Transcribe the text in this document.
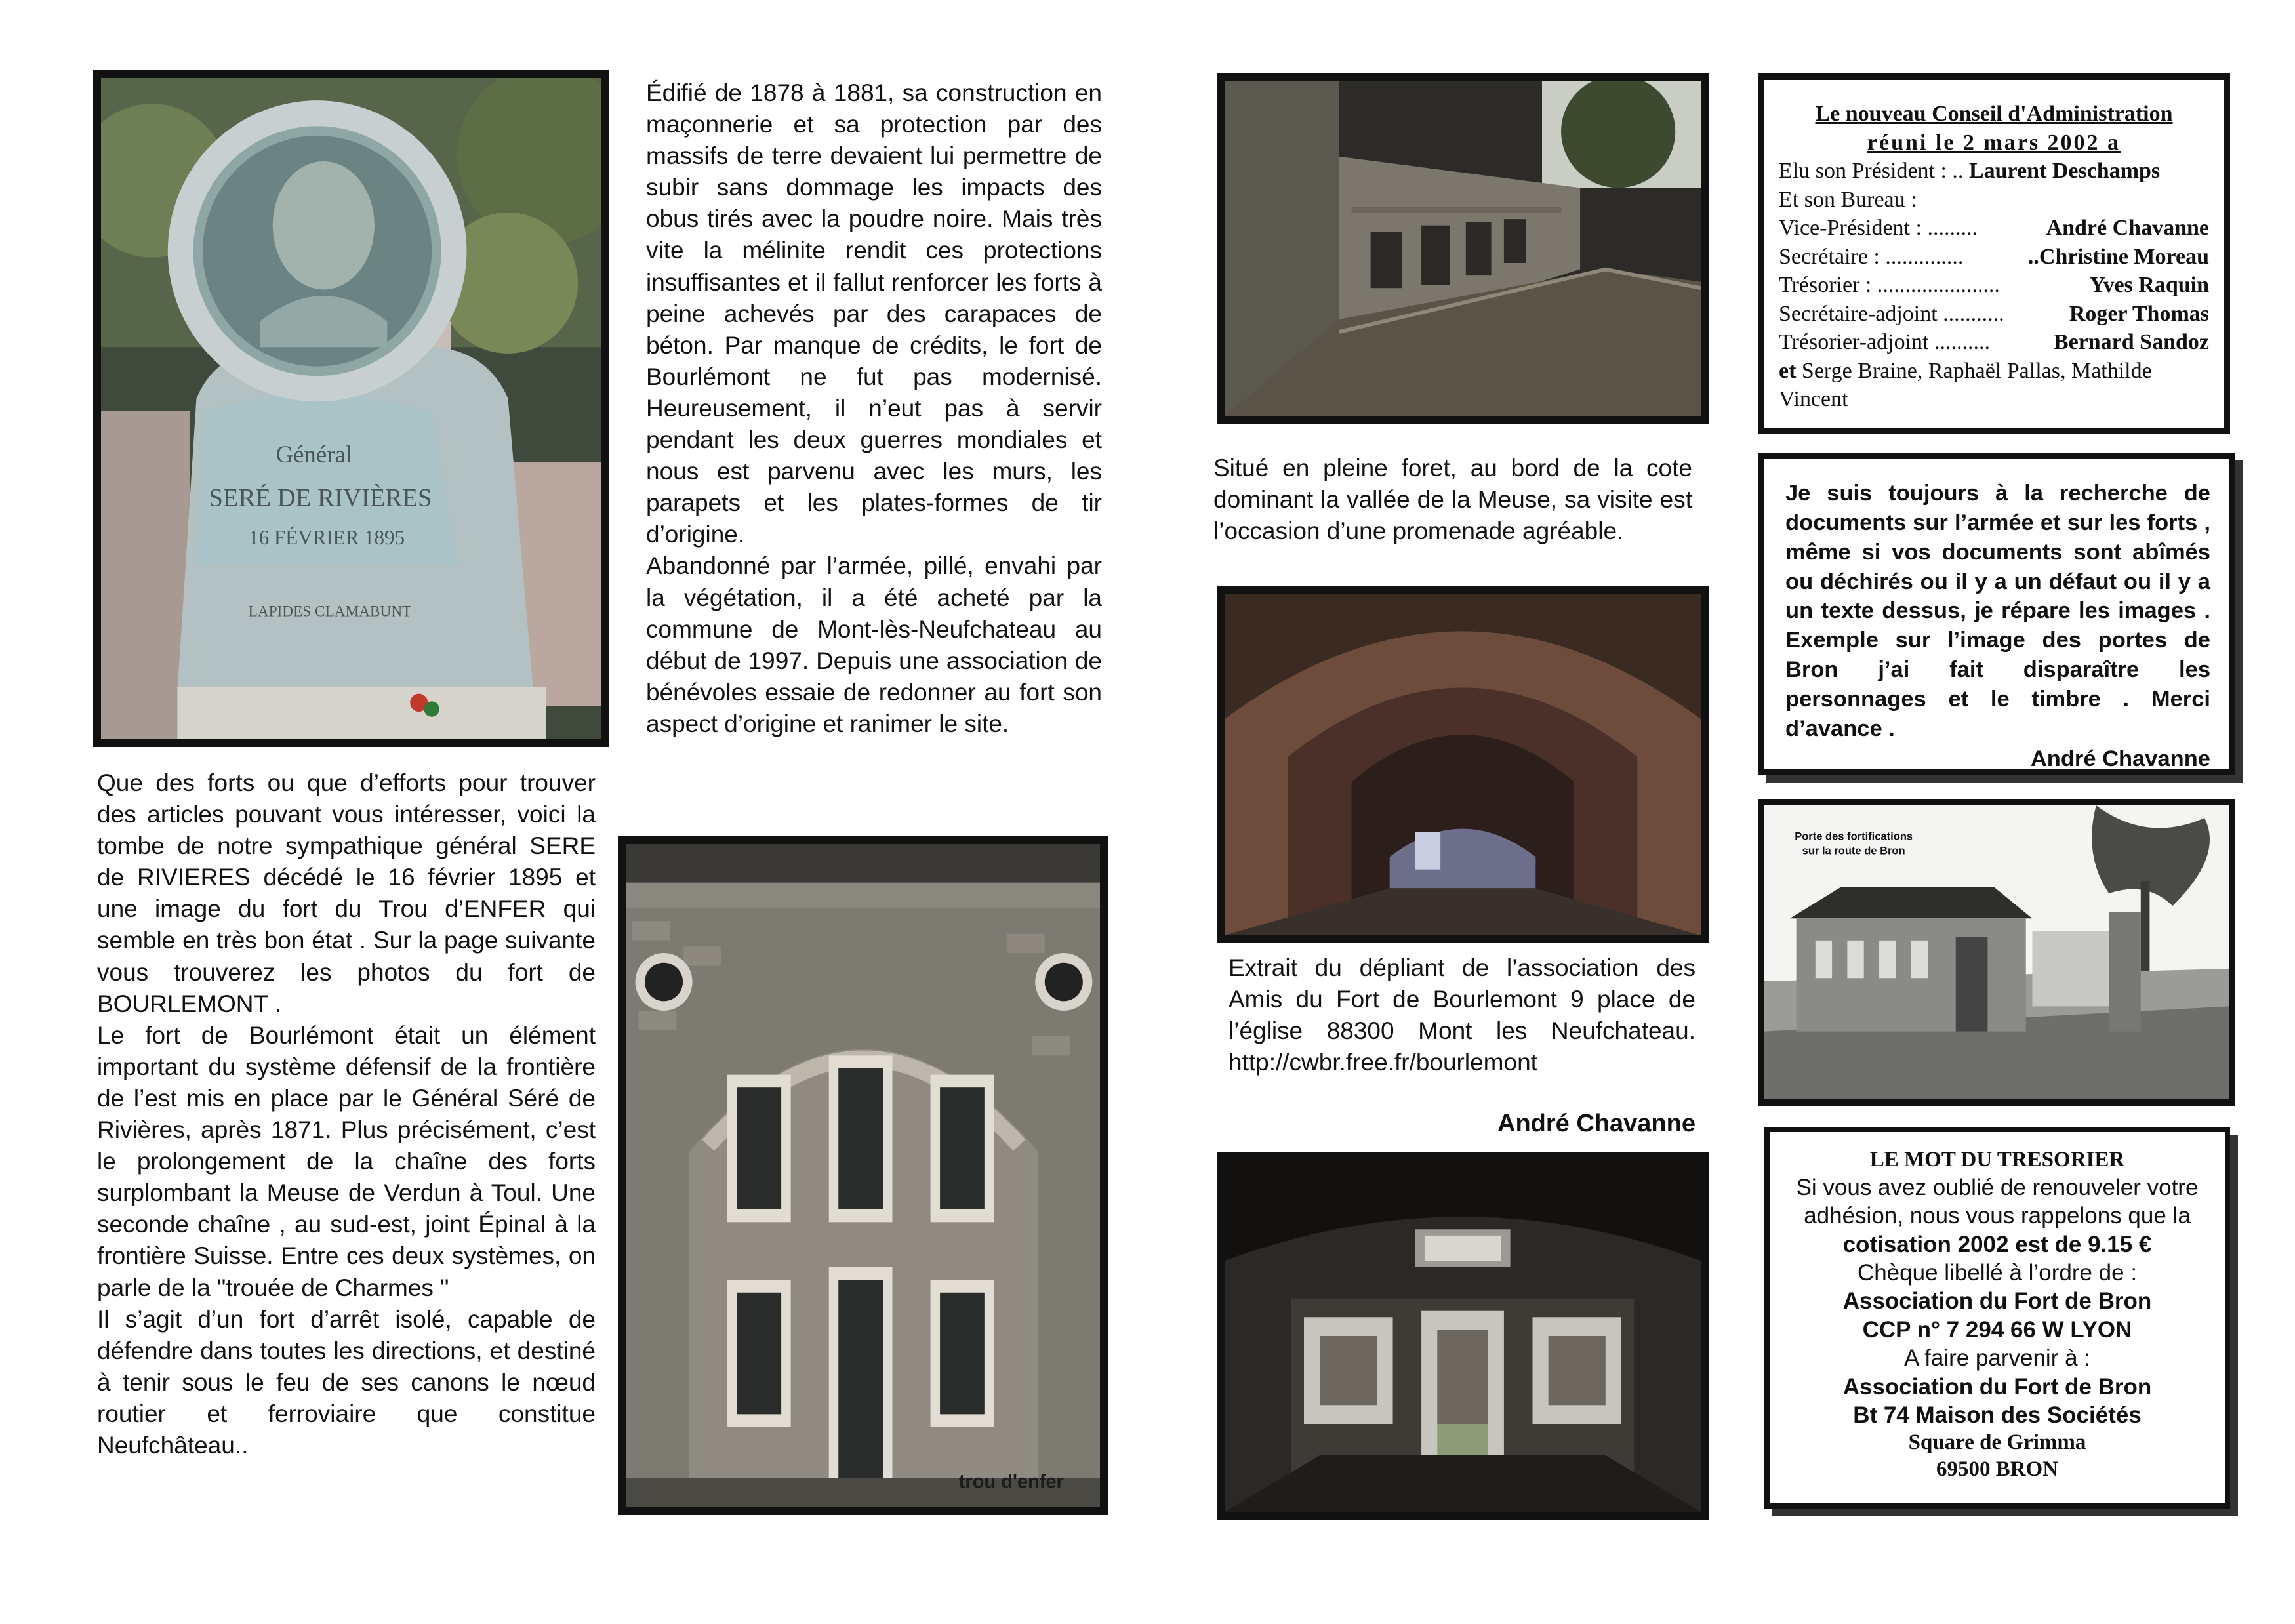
Général
SERÉ DE RIVIÈRES
16 FÉVRIER 1895
LAPIDES CLAMABUNT

Que des forts ou que d’efforts pour trouver des articles pouvant vous intéresser, voici la tombe de notre sympathique général SERE de RIVIERES décédé le 16 février 1895 et une image du fort du Trou d’ENFER qui semble en très bon état . Sur la page suivante vous trouverez les photos du fort de BOURLEMONT .

Le fort de Bourlémont était un élément important du système défensif de la frontière de l’est mis en place par le Général Séré de Rivières, après 1871. Plus précisément, c’est le prolongement de la chaîne des forts surplombant la Meuse de Verdun à Toul. Une seconde chaîne , au sud-est, joint Épinal à la frontière Suisse. Entre ces deux systèmes, on parle de la "trouée de Charmes "

Il s’agit d’un fort d’arrêt isolé, capable de défendre dans toutes les directions, et destiné à tenir sous le feu de ses canons le nœud routier et ferroviaire que constitue Neufchâteau..

Édifié de 1878 à 1881, sa construction en maçonnerie et sa protection par des massifs de terre devaient lui permettre de subir sans dommage les impacts des obus tirés avec la poudre noire. Mais très vite la mélinite rendit ces protections insuffisantes et il fallut renforcer les forts à peine achevés par des carapaces de béton. Par manque de crédits, le fort de Bourlémont ne fut pas modernisé. Heureusement, il n’eut pas à servir pendant les deux guerres mondiales et nous est parvenu avec les murs, les parapets et les plates-formes de tir d’origine.

Abandonné par l’armée, pillé, envahi par la végétation, il a été acheté par la commune de Mont-lès-Neufchateau au début de 1997. Depuis une association de bénévoles essaie de redonner au fort son aspect d’origine et ranimer le site.

trou d'enfer
Situé en pleine foret, au bord de la cote dominant la vallée de la Meuse, sa visite est l’occasion d’une promenade agréable.
Extrait du dépliant de l’association des Amis du Fort de Bourlemont 9 place de l’église 88300 Mont les Neufchateau. http://cwbr.free.fr/bourlemont
André Chavanne

Le nouveau Conseil d'Administration

réuni le 2 mars 2002 a

Elu son Président : .. Laurent Deschamps

Et son Bureau :

Vice-Président : .........	André Chavanne

Secrétaire : ..............	..Christine Moreau

Trésorier : ......................	Yves Raquin

Secrétaire-adjoint ...........	Roger Thomas

Trésorier-adjoint ..........	Bernard Sandoz

et Serge Braine, Raphaël Pallas, Mathilde Vincent

Je suis toujours à la recherche de documents sur l’armée et sur les forts , même si vos documents sont abîmés ou déchirés ou il y a un défaut ou il y a un texte dessus, je répare les images . Exemple sur l’image des portes de Bron j’ai fait disparaître les personnages et le timbre . Merci d’avance .

André Chavanne

Porte des fortifications
sur la route de Bron

LE MOT DU TRESORIER

Si vous avez oublié de renouveler votre adhésion, nous vous rappelons que la

cotisation 2002 est de 9.15 €

Chèque libellé à l’ordre de :

Association du Fort de Bron

CCP n° 7 294 66 W LYON

A faire parvenir à :

Association du Fort de Bron

Bt 74 Maison des Sociétés

Square de Grimma

69500 BRON
